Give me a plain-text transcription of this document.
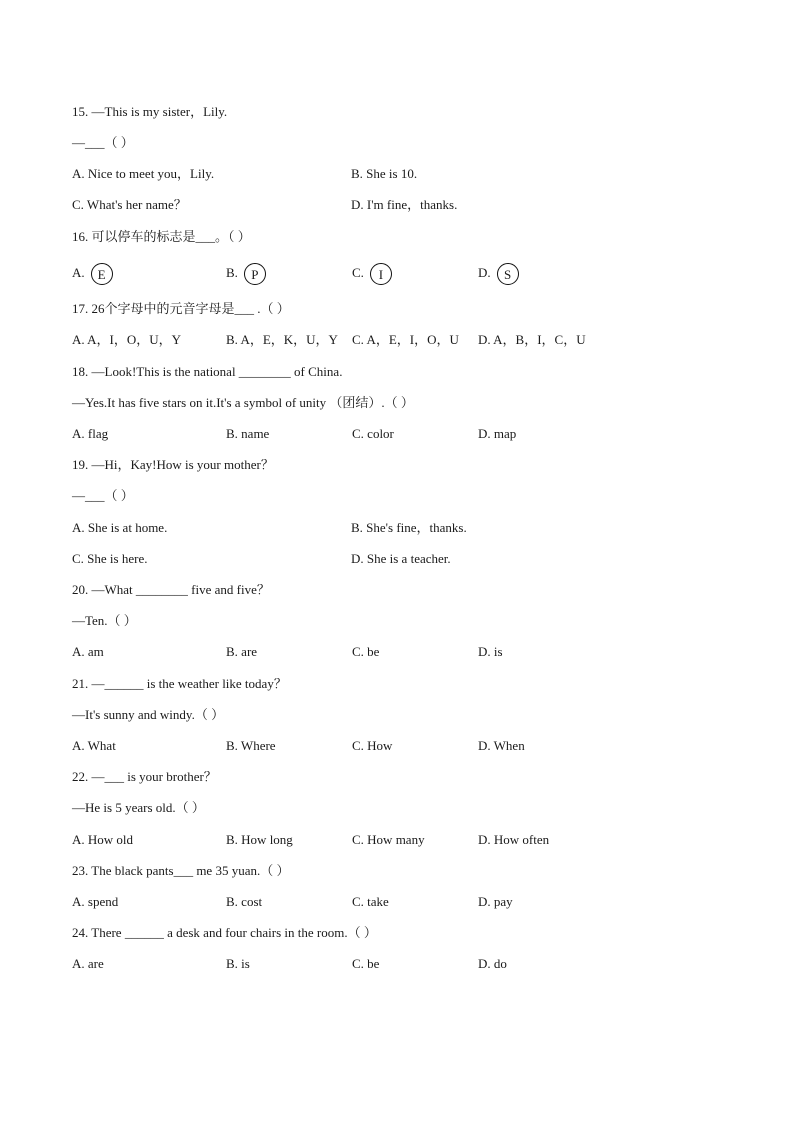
15. —This is my sister，Lily.
—___（ ）
A. Nice to meet you，Lily.	B. She is 10.
C. What's her name？	D. I'm fine，thanks.
16. 可以停车的标志是___。（ ）
A. E	B. P	C. I	D. S
17. 26个字母中的元音字母是___ .（ ）
A. A，I，O，U，Y	B. A，E，K，U，Y C. A，E，I，O，U D. A，B，I，C，U
18. —Look!This is the national ________ of China.
—Yes.It has five stars on it.It's a symbol of unity （团结）.（ ）
A. flag	B. name	C. color	D. map
19. —Hi，Kay!How is your mother？
—___（ ）
A. She is at home.	B. She's fine，thanks.
C. She is here.	D. She is a teacher.
20. —What ________ five and five？
—Ten.（ ）
A. am	B. are	C. be	D. is
21. —______ is the weather like today？
—It's sunny and windy.（ ）
A. What	B. Where	C. How	D. When
22. —___ is your brother？
—He is 5 years old.（ ）
A. How old	B. How long	C. How many	D. How often
23. The black pants___ me 35 yuan.（ ）
A. spend	B. cost	C. take	D. pay
24. There ______ a desk and four chairs in the room.（ ）
A. are	B. is	C. be	D. do
